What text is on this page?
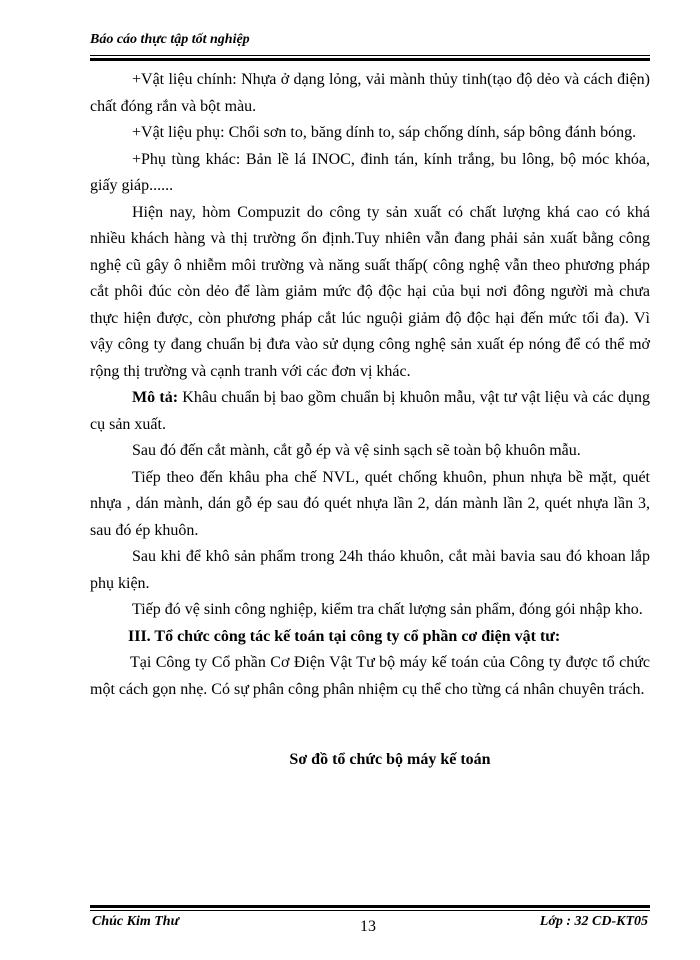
Báo cáo thực tập tốt nghiệp

+Vật liệu chính: Nhựa ở dạng lỏng, vải mành thủy tinh(tạo độ dẻo và cách điện) chất đóng rắn và bột màu.

+Vật liệu phụ: Chổi sơn to, băng dính to, sáp chống dính, sáp bông đánh bóng.

+Phụ tùng khác: Bản lề lá INOC, đinh tán, kính trắng, bu lông, bộ móc khóa, giấy giáp......

Hiện nay, hòm Compuzit do công ty sản xuất có chất lượng khá cao có khá nhiều khách hàng và thị trường ổn định.Tuy nhiên vẫn đang phải sản xuất bằng công nghệ cũ gây ô nhiễm môi trường và năng suất thấp( công nghệ vẫn theo phương pháp cắt phôi đúc còn dẻo để làm giảm mức độ độc hại của bụi nơi đông người mà chưa thực hiện được, còn phương pháp cắt lúc nguội giảm độ độc hại đến mức tối đa). Vì vậy công ty đang chuẩn bị đưa vào sử dụng công nghệ sản xuất ép nóng để có thể mở rộng thị trường và cạnh tranh với các đơn vị khác.

Mô tả: Khâu chuẩn bị bao gồm chuẩn bị khuôn mẫu, vật tư vật liệu và các dụng cụ sản xuất.

Sau đó đến cắt mành, cắt gỗ ép và vệ sinh sạch sẽ toàn bộ khuôn mẫu.

Tiếp theo đến khâu pha chế NVL, quét chống khuôn, phun nhựa bề mặt, quét nhựa , dán mành, dán gỗ ép sau đó quét nhựa lần 2, dán mành lần 2, quét nhựa lần 3, sau đó ép khuôn.

Sau khi để khô sản phẩm trong 24h tháo khuôn, cắt mài bavia sau đó khoan lắp phụ kiện.

Tiếp đó vệ sinh công nghiệp, kiểm tra chất lượng sản phẩm, đóng gói nhập kho.

III. Tổ chức công tác kế toán tại công ty cổ phần cơ điện vật tư:

Tại Công ty Cổ phần Cơ Điện Vật Tư bộ máy kế toán của Công ty được tổ chức một cách gọn nhẹ. Có sự phân công phân nhiệm cụ thể cho từng cá nhân chuyên trách.

Sơ đồ tổ chức bộ máy kế toán

Chúc Kim Thư	13	Lớp : 32 CD-KT05
